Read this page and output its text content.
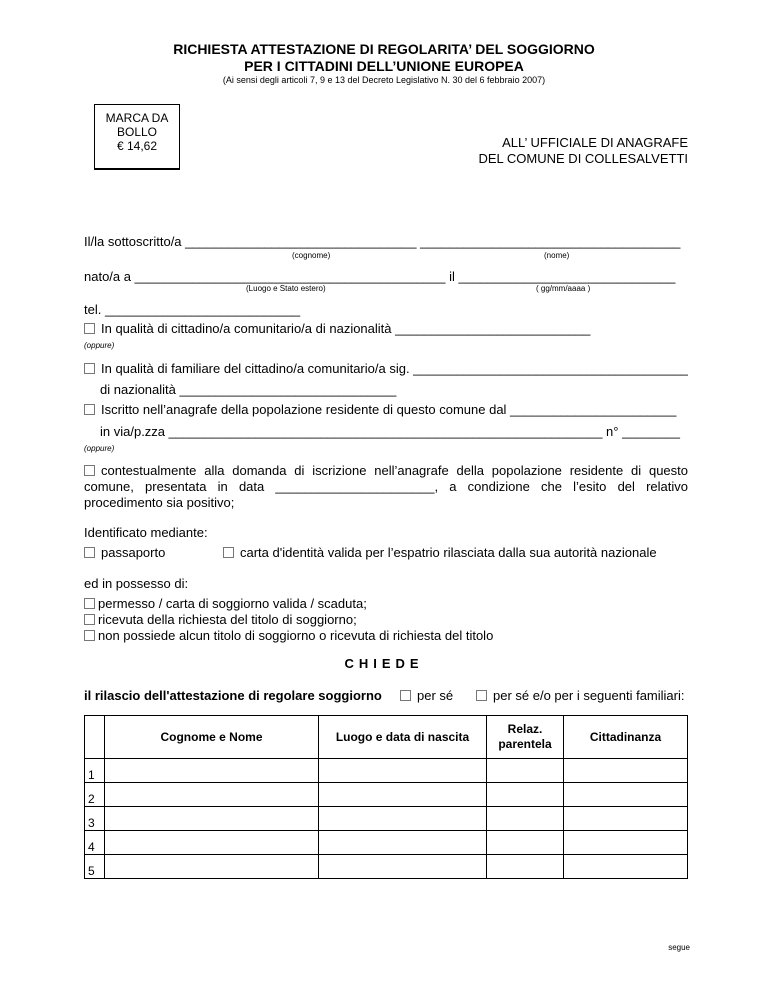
RICHIESTA ATTESTAZIONE DI REGOLARITA’ DEL SOGGIORNO
PER I CITTADINI DELL’UNIONE EUROPEA
(Ai sensi degli articoli 7, 9 e 13 del Decreto Legislativo N. 30 del 6 febbraio 2007)
MARCA DA
BOLLO
€ 14,62	ALL’ UFFICIALE DI ANAGRAFE
DEL COMUNE DI COLLESALVETTI
Il/la sottoscritto/a ________________________________ ____________________________________
(cognome)	(nome)
nato/a a ___________________________________________ il ______________________________
(Luogo e Stato estero)	( gg/mm/aaaa )
tel. ___________________________
In qualità di cittadino/a comunitario/a di nazionalità ___________________________
(oppure)
In qualità di familiare del cittadino/a comunitario/a sig. ______________________________________
di nazionalità ______________________________
Iscritto nell’anagrafe della popolazione residente di questo comune dal _______________________
in via/p.zza ____________________________________________________________ n° ________
(oppure)
contestualmente alla domanda di iscrizione nell’anagrafe della popolazione residente di questo comune, presentata in data ______________________, a condizione che l’esito del relativo procedimento sia positivo;
Identificato mediante:
passaporto	carta d'identità valida per l’espatrio rilasciata dalla sua autorità nazionale
ed in possesso di:
permesso / carta di soggiorno valida / scaduta;
ricevuta della richiesta del titolo di soggiorno;
non possiede alcun titolo di soggiorno o ricevuta di richiesta del titolo
CHIEDE
il rilascio dell'attestazione di regolare soggiorno	per sé	per sé e/o per i seguenti familiari:
	Cognome e Nome	Luogo e data di nascita	Relaz. parentela	Cittadinanza
1				
2				
3				
4				
5				
segue
